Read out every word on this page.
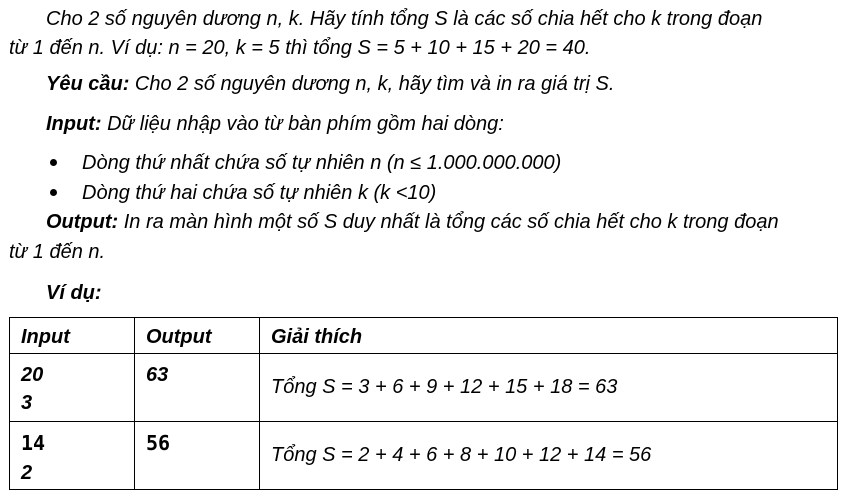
Cho 2 số nguyên dương n, k. Hãy tính tổng S là các số chia hết cho k trong đoạn
từ 1 đến n. Ví dụ: n = 20, k = 5 thì tổng S = 5 + 10 + 15 + 20 = 40.
Yêu cầu: Cho 2 số nguyên dương n, k, hãy tìm và in ra giá trị S.
Input: Dữ liệu nhập vào từ bàn phím gồm hai dòng:
Dòng thứ nhất chứa số tự nhiên n (n ≤ 1.000.000.000)
Dòng thứ hai chứa số tự nhiên k (k <10)
Output: In ra màn hình một số S duy nhất là tổng các số chia hết cho k trong đoạn
từ 1 đến n.
Ví dụ:
Input	Output	Giải thích

20
3	63	Tổng S = 3 + 6 + 9 + 12 + 15 + 18 = 63

14
2	56	Tổng S = 2 + 4 + 6 + 8 + 10 + 12 + 14 = 56
